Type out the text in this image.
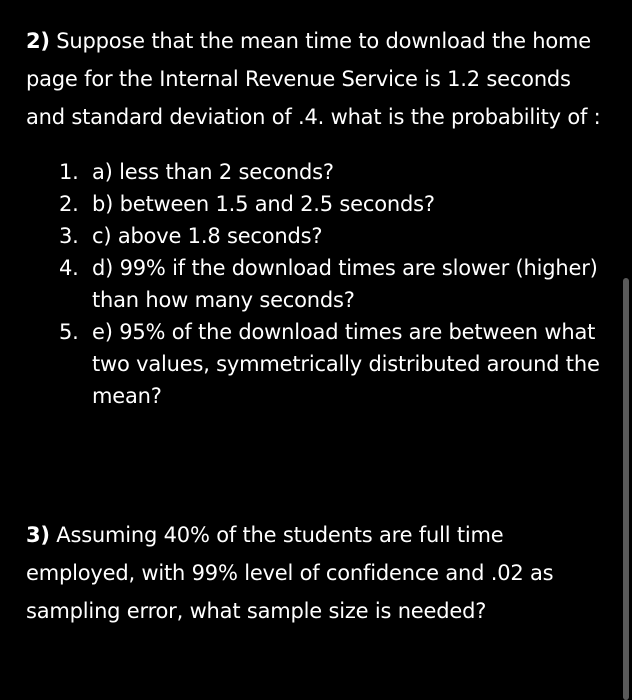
2) Suppose that the mean time to download the home page for the Internal Revenue Service is 1.2 seconds and standard deviation of .4. what is the probability of :

1. a) less than 2 seconds?
2. b) between 1.5 and 2.5 seconds?
3. c) above 1.8 seconds?
4. d) 99% if the download times are slower (higher) than how many seconds?
5. e) 95% of the download times are between what two values, symmetrically distributed around the mean?

3) Assuming 40% of the students are full time employed, with 99% level of confidence and .02 as sampling error, what sample size is needed?
